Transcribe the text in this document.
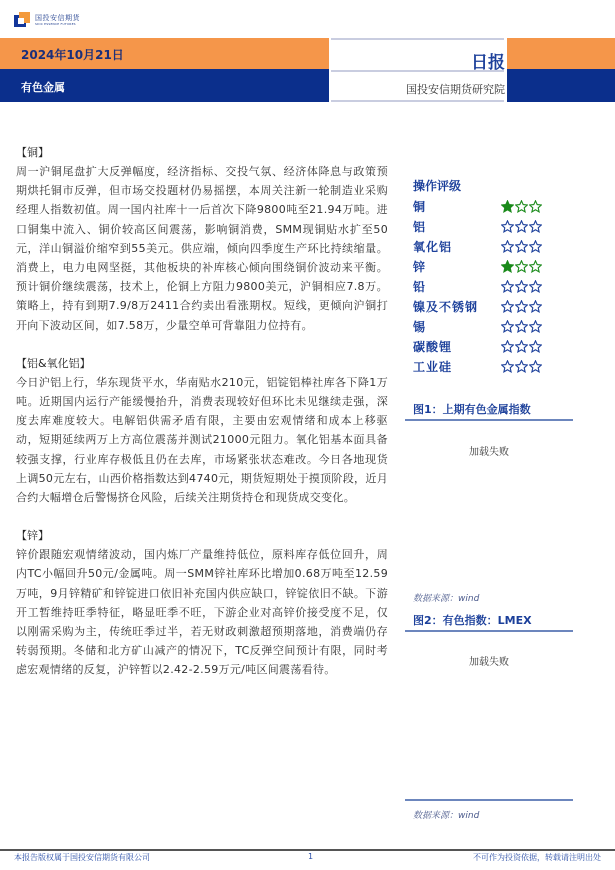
国投安信期货
SDIC ESSENCE FUTURES
2024年10月21日
有色金属
日报
国投安信期货研究院
【铜】
周一沪铜尾盘扩大反弹幅度，经济指标、交投气氛、经济体降息与政策预期烘托铜市反弹，但市场交投题材仍易摇摆，本周关注新一轮制造业采购经理人指数初值。周一国内社库十一后首次下降9800吨至21.94万吨。进口铜集中流入、铜价较高区间震荡，影响铜消费，SMM现铜贴水扩至50元，洋山铜溢价缩窄到55美元。供应端，倾向四季度生产环比持续缩量。消费上，电力电网坚挺，其他板块的补库核心倾向围绕铜价波动来平衡。预计铜价继续震荡，技术上，伦铜上方阻力9800美元，沪铜相应7.8万。策略上，持有到期7.9/8万2411合约卖出看涨期权。短线，更倾向沪铜打开向下波动区间，如7.58万，少量空单可背靠阻力位持有。
【铝&氧化铝】
今日沪铝上行，华东现货平水，华南贴水210元，铝锭铝棒社库各下降1万吨。近期国内运行产能缓慢抬升，消费表现较好但环比未见继续走强，深度去库难度较大。电解铝供需矛盾有限，主要由宏观情绪和成本上移驱动，短期延续两万上方高位震荡并测试21000元阻力。氧化铝基本面具备较强支撑，行业库存极低且仍在去库，市场紧张状态难改。今日各地现货上调50元左右，山西价格指数达到4740元，期货短期处于摸顶阶段，近月合约大幅增仓后警惕挤仓风险，后续关注期货持仓和现货成交变化。
【锌】
锌价跟随宏观情绪波动，国内炼厂产量维持低位，原料库存低位回升，周内TC小幅回升50元/金属吨。周一SMM锌社库环比增加0.68万吨至12.59万吨，9月锌精矿和锌锭进口依旧补充国内供应缺口，锌锭依旧不缺。下游开工暂维持旺季特征，略显旺季不旺，下游企业对高锌价接受度不足，仅以刚需采购为主，传统旺季过半，若无财政刺激超预期落地，消费端仍存转弱预期。冬储和北方矿山减产的情况下，TC反弹空间预计有限，同时考虑宏观情绪的反复，沪锌暂以2.42-2.59万元/吨区间震荡看待。
操作评级
铜
铝
氧化铝
锌
铅
镍及不锈钢
锡
碳酸锂
工业硅
图1：上期有色金属指数
加载失败
数据来源：wind
图2：有色指数：LMEX
加载失败
数据来源：wind
本报告版权属于国投安信期货有限公司	1	不可作为投资依据，转载请注明出处
